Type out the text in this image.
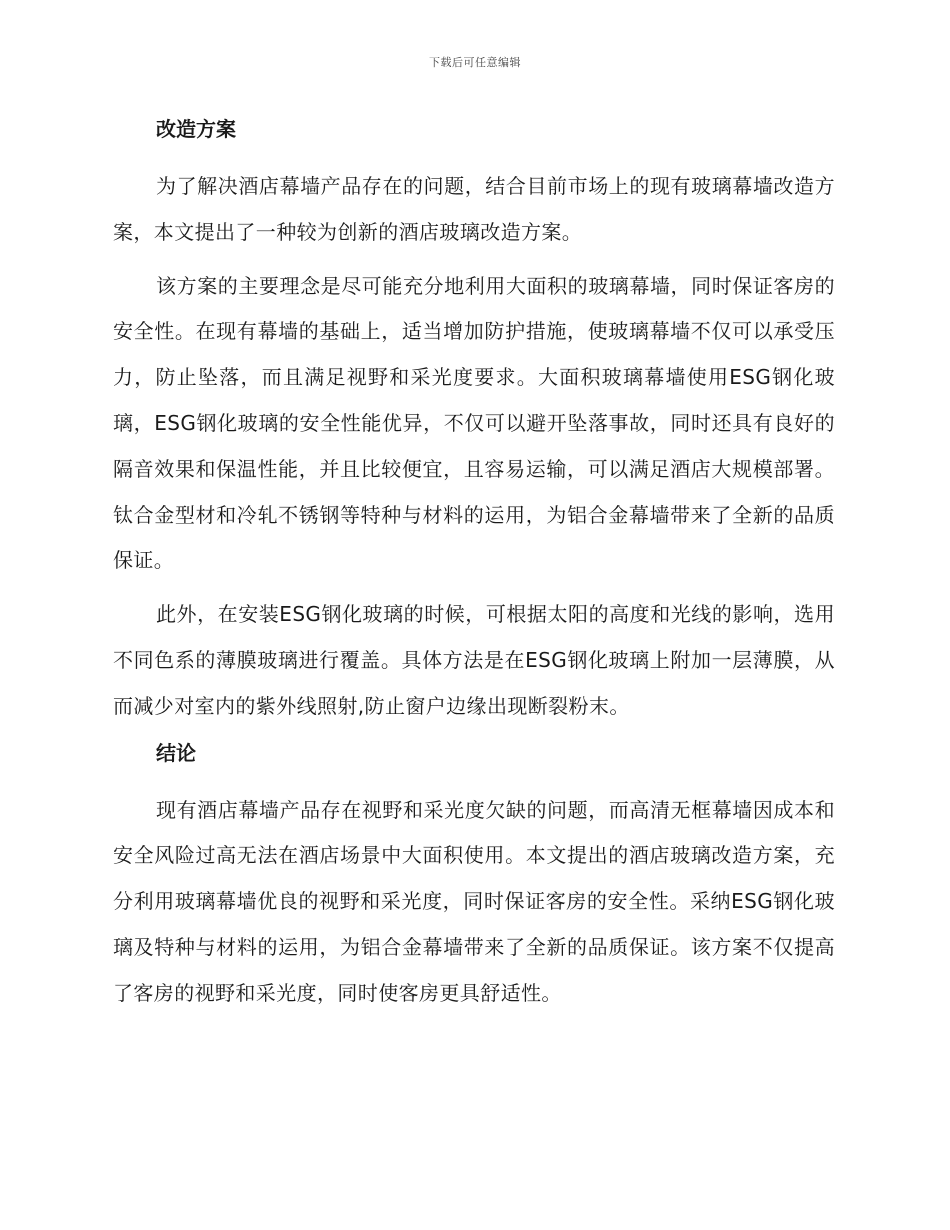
下载后可任意编辑
改造方案

为了解决酒店幕墙产品存在的问题，结合目前市场上的现有玻璃幕墙改造方案，本文提出了一种较为创新的酒店玻璃改造方案。

该方案的主要理念是尽可能充分地利用大面积的玻璃幕墙，同时保证客房的安全性。在现有幕墙的基础上，适当增加防护措施，使玻璃幕墙不仅可以承受压力，防止坠落，而且满足视野和采光度要求。大面积玻璃幕墙使用ESG钢化玻璃，ESG钢化玻璃的安全性能优异，不仅可以避开坠落事故，同时还具有良好的隔音效果和保温性能，并且比较便宜，且容易运输，可以满足酒店大规模部署。钛合金型材和冷轧不锈钢等特种与材料的运用，为铝合金幕墙带来了全新的品质保证。

此外，在安装ESG钢化玻璃的时候，可根据太阳的高度和光线的影响，选用不同色系的薄膜玻璃进行覆盖。具体方法是在ESG钢化玻璃上附加一层薄膜，从而减少对室内的紫外线照射,防止窗户边缘出现断裂粉末。

结论

现有酒店幕墙产品存在视野和采光度欠缺的问题，而高清无框幕墙因成本和安全风险过高无法在酒店场景中大面积使用。本文提出的酒店玻璃改造方案，充分利用玻璃幕墙优良的视野和采光度，同时保证客房的安全性。采纳ESG钢化玻璃及特种与材料的运用，为铝合金幕墙带来了全新的品质保证。该方案不仅提高了客房的视野和采光度，同时使客房更具舒适性。
